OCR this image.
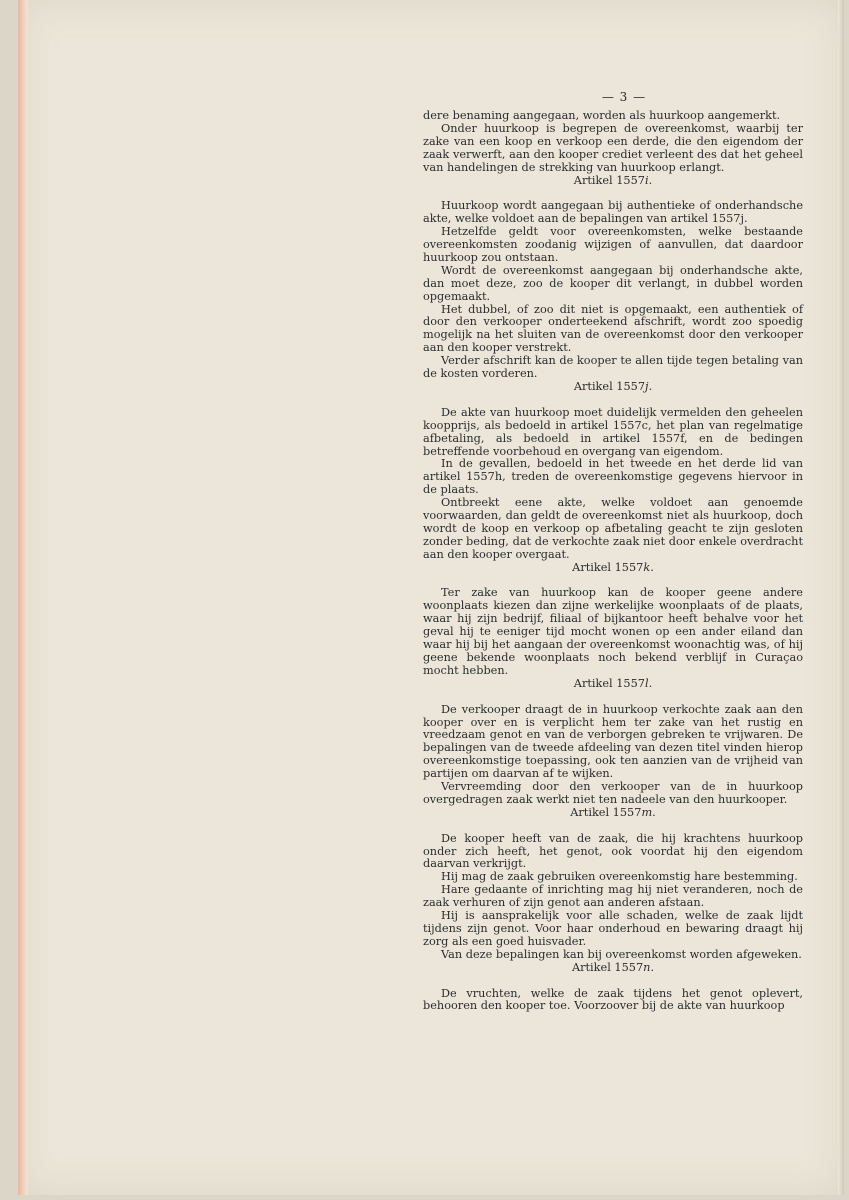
— 3 —

dere benaming aangegaan, worden als huurkoop aangemerkt.

Onder huurkoop is begrepen de overeenkomst, waarbij ter zake van een koop en verkoop een derde, die den eigendom der zaak verwerft, aan den kooper crediet verleent des dat het geheel van handelingen de strekking van huurkoop erlangt.

Artikel 1557i.

Huurkoop wordt aangegaan bij authentieke of onderhandsche akte, welke voldoet aan de bepalingen van artikel 1557j.

Hetzelfde geldt voor overeenkomsten, welke bestaande overeenkomsten zoodanig wijzigen of aanvullen, dat daardoor huurkoop zou ontstaan.

Wordt de overeenkomst aangegaan bij onderhandsche akte, dan moet deze, zoo de kooper dit verlangt, in dubbel worden opgemaakt.

Het dubbel, of zoo dit niet is opgemaakt, een authentiek of door den verkooper onderteekend afschrift, wordt zoo spoedig mogelijk na het sluiten van de overeenkomst door den verkooper aan den kooper verstrekt.

Verder afschrift kan de kooper te allen tijde tegen betaling van de kosten vorderen.

Artikel 1557j.

De akte van huurkoop moet duidelijk vermelden den geheelen koopprijs, als bedoeld in artikel 1557c, het plan van regelmatige afbetaling, als bedoeld in artikel 1557f, en de bedingen betreffende voorbehoud en overgang van eigendom.

In de gevallen, bedoeld in het tweede en het derde lid van artikel 1557h, treden de overeenkomstige gegevens hiervoor in de plaats.

Ontbreekt eene akte, welke voldoet aan genoemde voorwaarden, dan geldt de overeenkomst niet als huurkoop, doch wordt de koop en verkoop op afbetaling geacht te zijn gesloten zonder beding, dat de verkochte zaak niet door enkele overdracht aan den kooper overgaat.

Artikel 1557k.

Ter zake van huurkoop kan de kooper geene andere woonplaats kiezen dan zijne werkelijke woonplaats of de plaats, waar hij zijn bedrijf, filiaal of bijkantoor heeft behalve voor het geval hij te eeniger tijd mocht wonen op een ander eiland dan waar hij bij het aangaan der overeenkomst woonachtig was, of hij geene bekende woonplaats noch bekend verblijf in Curaçao mocht hebben.

Artikel 1557l.

De verkooper draagt de in huurkoop verkochte zaak aan den kooper over en is verplicht hem ter zake van het rustig en vreedzaam genot en van de verborgen gebreken te vrijwaren. De bepalingen van de tweede afdeeling van dezen titel vinden hierop overeenkomstige toepassing, ook ten aanzien van de vrijheid van partijen om daarvan af te wijken.

Vervreemding door den verkooper van de in huurkoop overgedragen zaak werkt niet ten nadeele van den huurkooper.

Artikel 1557m.

De kooper heeft van de zaak, die hij krachtens huurkoop onder zich heeft, het genot, ook voordat hij den eigendom daarvan verkrijgt.

Hij mag de zaak gebruiken overeenkomstig hare bestemming.

Hare gedaante of inrichting mag hij niet veranderen, noch de zaak verhuren of zijn genot aan anderen afstaan.

Hij is aansprakelijk voor alle schaden, welke de zaak lijdt tijdens zijn genot. Voor haar onderhoud en bewaring draagt hij zorg als een goed huisvader.

Van deze bepalingen kan bij overeenkomst worden afgeweken.

Artikel 1557n.

De vruchten, welke de zaak tijdens het genot oplevert, behooren den kooper toe. Voorzoover bij de akte van huurkoop
